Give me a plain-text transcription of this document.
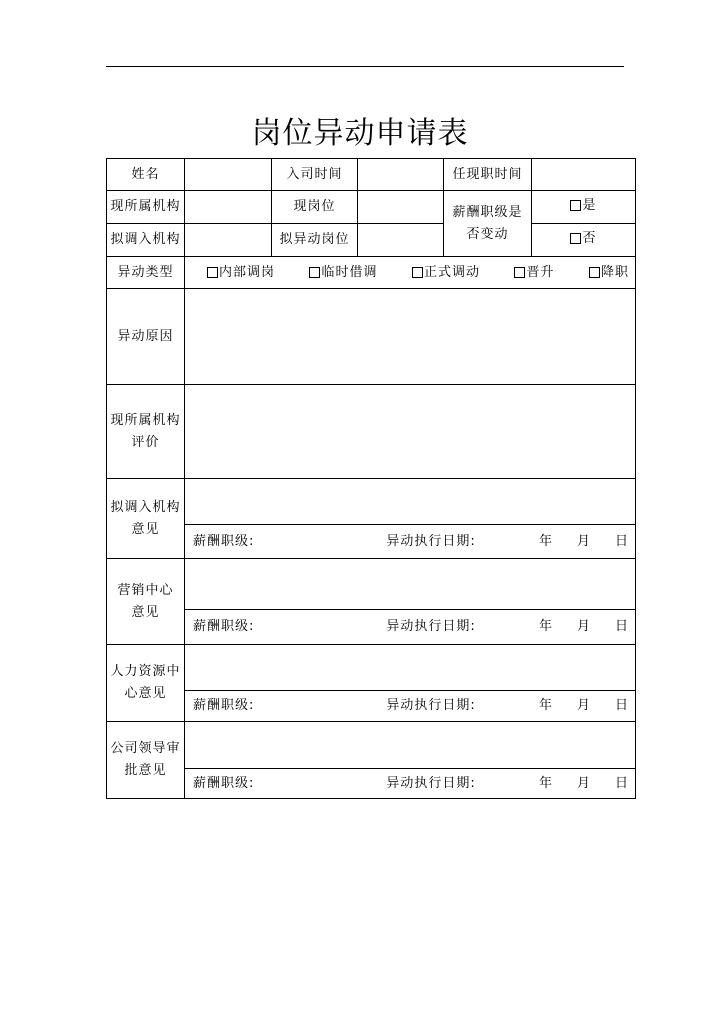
岗位异动申请表
姓名		入司时间		任现职时间	
现所属机构		现岗位		薪酬职级是否变动	是

拟调入机构		拟异动岗位			否

异动类型	内部调岗 临时借调 正式调动 晋升 降职				

异动原因					
现所属机构评价					
拟调入机构意见					

	薪酬职级: 异动执行日期: 年 月 日				

营销中心意见					

	薪酬职级: 异动执行日期: 年 月 日				

人力资源中心意见					

	薪酬职级: 异动执行日期: 年 月 日				

公司领导审批意见					

	薪酬职级: 异动执行日期: 年 月 日				
